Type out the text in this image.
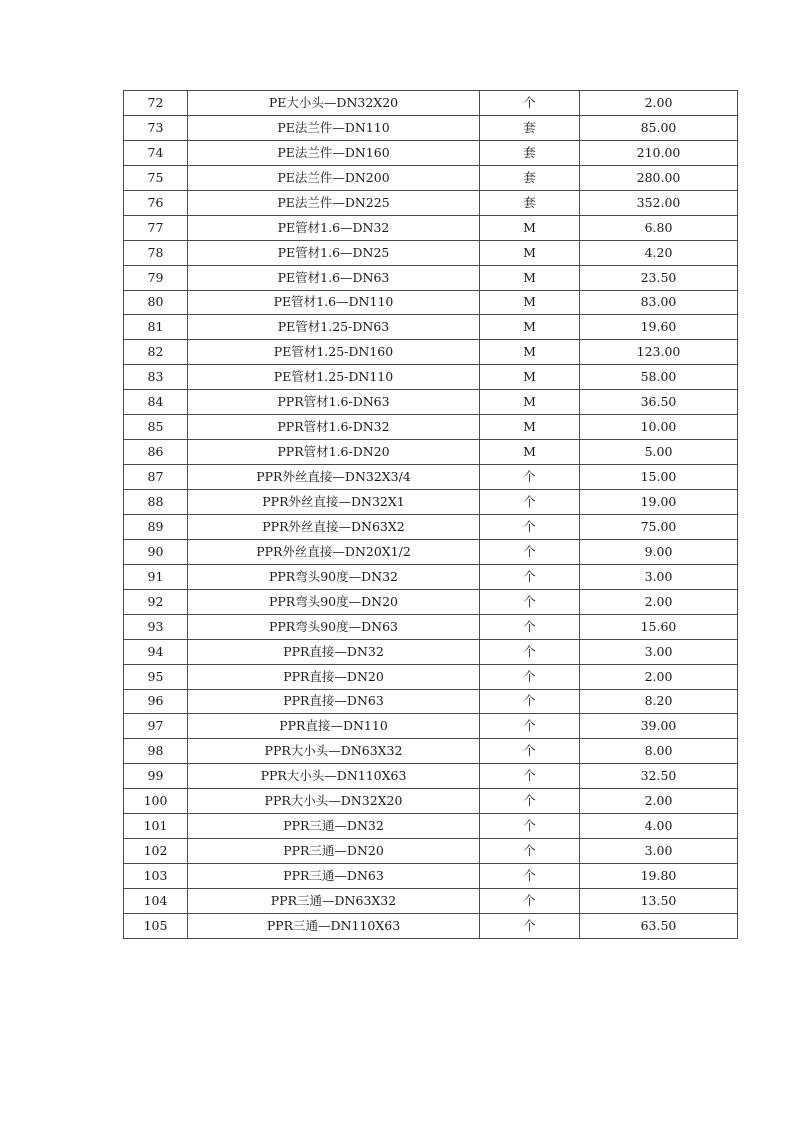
72	PE大小头—DN32X20	个	2.00
73	PE法兰件—DN110	套	85.00
74	PE法兰件—DN160	套	210.00
75	PE法兰件—DN200	套	280.00
76	PE法兰件—DN225	套	352.00
77	PE管材1.6—DN32	M	6.80
78	PE管材1.6—DN25	M	4.20
79	PE管材1.6—DN63	M	23.50
80	PE管材1.6—DN110	M	83.00
81	PE管材1.25-DN63	M	19.60
82	PE管材1.25-DN160	M	123.00
83	PE管材1.25-DN110	M	58.00
84	PPR管材1.6-DN63	M	36.50
85	PPR管材1.6-DN32	M	10.00
86	PPR管材1.6-DN20	M	5.00
87	PPR外丝直接—DN32X3/4	个	15.00
88	PPR外丝直接—DN32X1	个	19.00
89	PPR外丝直接—DN63X2	个	75.00
90	PPR外丝直接—DN20X1/2	个	9.00
91	PPR弯头90度—DN32	个	3.00
92	PPR弯头90度—DN20	个	2.00
93	PPR弯头90度—DN63	个	15.60
94	PPR直接—DN32	个	3.00
95	PPR直接—DN20	个	2.00
96	PPR直接—DN63	个	8.20
97	PPR直接—DN110	个	39.00
98	PPR大小头—DN63X32	个	8.00
99	PPR大小头—DN110X63	个	32.50
100	PPR大小头—DN32X20	个	2.00
101	PPR三通—DN32	个	4.00
102	PPR三通—DN20	个	3.00
103	PPR三通—DN63	个	19.80
104	PPR三通—DN63X32	个	13.50
105	PPR三通—DN110X63	个	63.50
